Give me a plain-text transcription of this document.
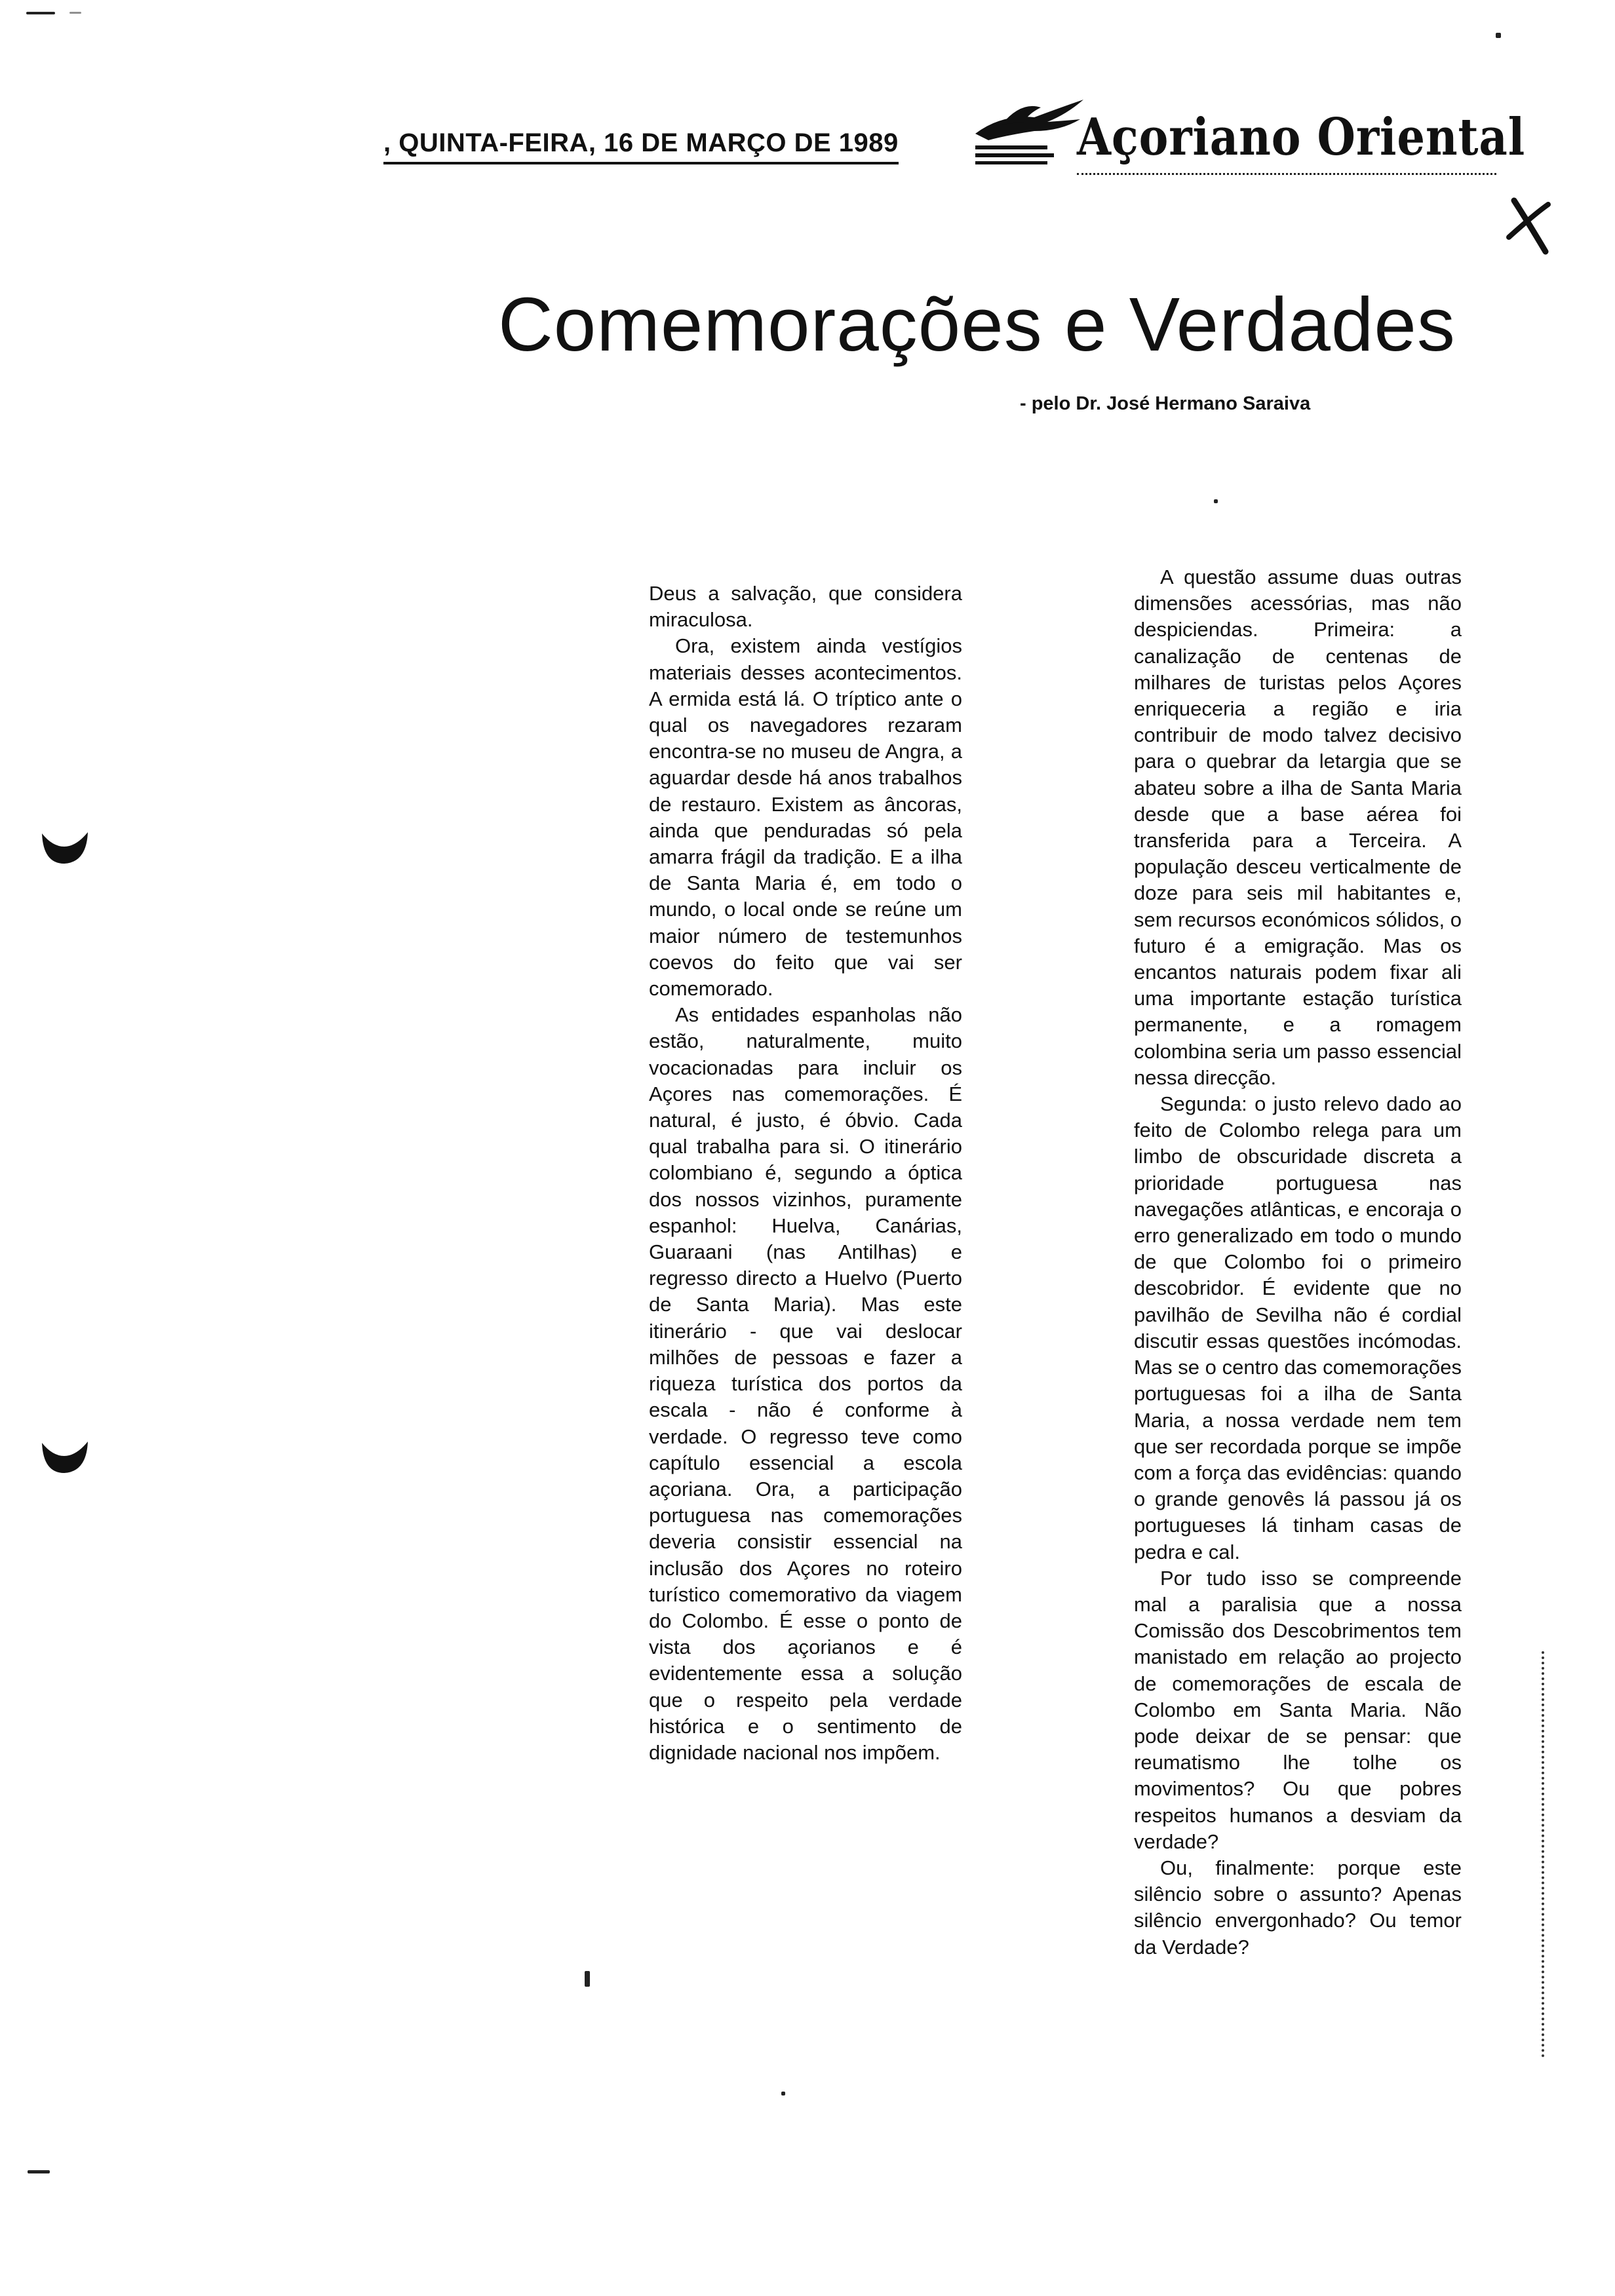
, QUINTA-FEIRA, 16 DE MARÇO DE 1989	Açoriano Oriental
Comemorações e Verdades
- pelo Dr. José Hermano Saraiva

Deus a salvação, que considera miraculosa.

Ora, existem ainda vestígios materiais desses acontecimentos. A ermida está lá. O tríptico ante o qual os navegadores rezaram encontra-se no museu de Angra, a aguardar desde há anos trabalhos de restauro. Existem as âncoras, ainda que penduradas só pela amarra frágil da tradição. E a ilha de Santa Maria é, em todo o mundo, o local onde se reúne um maior número de testemunhos coevos do feito que vai ser comemorado.

As entidades espanholas não estão, naturalmente, muito vocacionadas para incluir os Açores nas comemorações. É natural, é justo, é óbvio. Cada qual trabalha para si. O itinerário colombiano é, segundo a óptica dos nossos vizinhos, puramente espanhol: Huelva, Canárias, Guaraani (nas Antilhas) e regresso directo a Huelvo (Puerto de Santa Maria). Mas este itinerário - que vai deslocar milhões de pessoas e fazer a riqueza turística dos portos da escala - não é conforme à verdade. O regresso teve como capítulo essencial a escola açoriana. Ora, a participação portuguesa nas comemorações deveria consistir essencial na inclusão dos Açores no roteiro turístico comemorativo da viagem do Colombo. É esse o ponto de vista dos açorianos e é evidentemente essa a solução que o respeito pela verdade histórica e o sentimento de dignidade nacional nos impõem.

A questão assume duas outras dimensões acessórias, mas não despiciendas. Primeira: a canalização de centenas de milhares de turistas pelos Açores enriqueceria a região e iria contribuir de modo talvez decisivo para o quebrar da letargia que se abateu sobre a ilha de Santa Maria desde que a base aérea foi transferida para a Terceira. A população desceu verticalmente de doze para seis mil habitantes e, sem recursos económicos sólidos, o futuro é a emigração. Mas os encantos naturais podem fixar ali uma importante estação turística permanente, e a romagem colombina seria um passo essencial nessa direcção.

Segunda: o justo relevo dado ao feito de Colombo relega para um limbo de obscuridade discreta a prioridade portuguesa nas navegações atlânticas, e encoraja o erro generalizado em todo o mundo de que Colombo foi o primeiro descobridor. É evidente que no pavilhão de Sevilha não é cordial discutir essas questões incómodas. Mas se o centro das comemorações portuguesas foi a ilha de Santa Maria, a nossa verdade nem tem que ser recordada porque se impõe com a força das evidências: quando o grande genovês lá passou já os portugueses lá tinham casas de pedra e cal.

Por tudo isso se compreende mal a paralisia que a nossa Comissão dos Descobrimentos tem manistado em relação ao projecto de comemorações de escala de Colombo em Santa Maria. Não pode deixar de se pensar: que reumatismo lhe tolhe os movimentos? Ou que pobres respeitos humanos a desviam da verdade?

Ou, finalmente: porque este silêncio sobre o assunto? Apenas silêncio envergonhado? Ou temor da Verdade?
